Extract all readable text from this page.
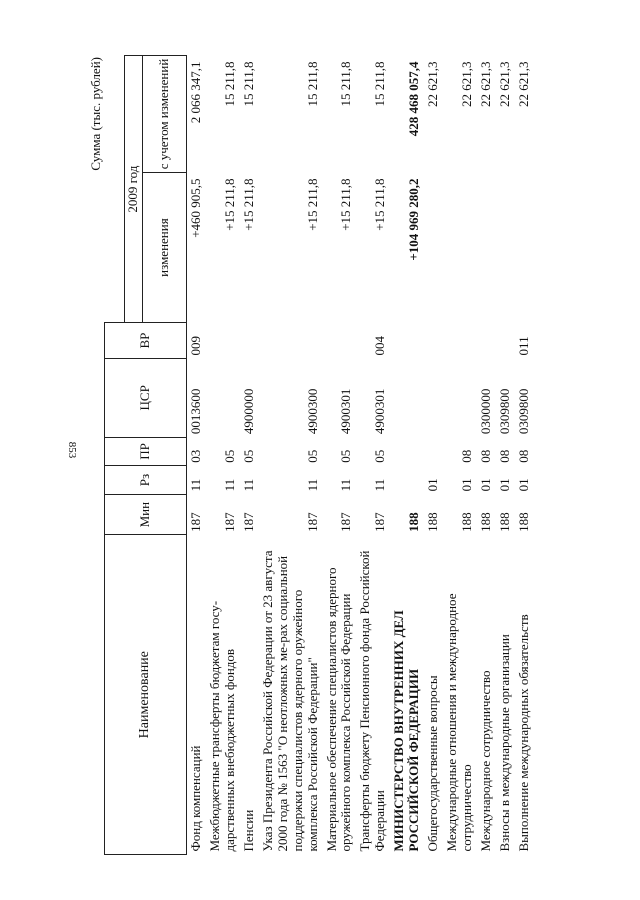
853
Сумма (тыс. рублей)
Наименование	Мин	Рз	ПР	ЦСР	ВР		
						2009 год	
						изменения	с учетом изменений
Фонд компенсаций	187	11	03	0013600	009	+460 905,5	2 066 347,1
Межбюджетные трансферты бюджетам госу-дарственных внебюджетных фондов	187	11	05			+15 211,8	15 211,8
Пенсии	187	11	05	4900000		+15 211,8	15 211,8
Указ Президента Российской Федерации от 23 августа 2000 года № 1563 "О неотложных ме-рах социальной поддержки специалистов ядерного оружейного комплекса Российской Федерации"	187	11	05	4900300		+15 211,8	15 211,8
Материальное обеспечение специалистов ядерного оружейного комплекса Российской Федерации	187	11	05	4900301		+15 211,8	15 211,8
Трансферты бюджету Пенсионного фонда Российской Федерации	187	11	05	4900301	004	+15 211,8	15 211,8
МИНИСТЕРСТВО ВНУТРЕННИХ ДЕЛ РОССИЙСКОЙ ФЕДЕРАЦИИ	188					+104 969 280,2	428 468 057,4
Общегосударственные вопросы	188	01					22 621,3
Международные отношения и международное сотрудничество	188	01	08				22 621,3
Международное сотрудничество	188	01	08	0300000			22 621,3
Взносы в международные организации	188	01	08	0309800			22 621,3
Выполнение международных обязательств	188	01	08	0309800	011		22 621,3
